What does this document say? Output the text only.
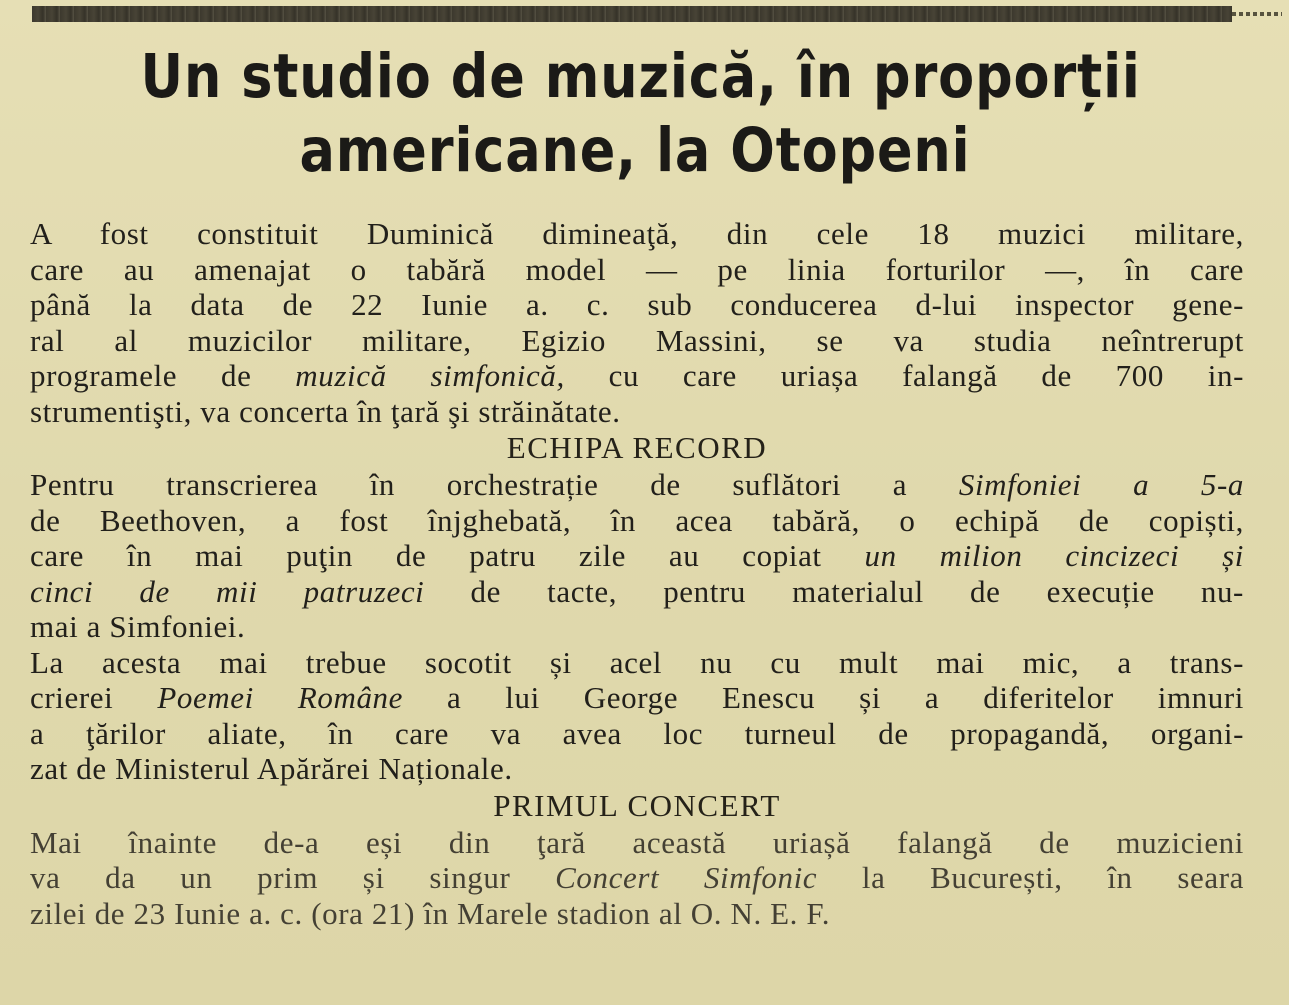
Un studio de muzică, în proporții
americane, la Otopeni
A fost constituit Duminică dimineaţă, din cele 18 muzici militare,
care au amenajat o tabără model — pe linia forturilor —, în care
până la data de 22 Iunie a. c. sub conducerea d-lui inspector gene-
ral al muzicilor militare, Egizio Massini, se va studia neîntrerupt
programele de muzică simfonică, cu care uriașa falangă de 700 in-
strumentişti, va concerta în ţară şi străinătate.
ECHIPA RECORD
Pentru transcrierea în orchestrație de suflători a Simfoniei a 5-a
de Beethoven, a fost înjghebată, în acea tabără, o echipă de copiști,
care în mai puţin de patru zile au copiat un milion cincizeci și
cinci de mii patruzeci de tacte, pentru materialul de execuție nu-
mai a Simfoniei.
La acesta mai trebue socotit și acel nu cu mult mai mic, a trans-
crierei Poemei Române a lui George Enescu și a diferitelor imnuri
a ţărilor aliate, în care va avea loc turneul de propagandă, organi-
zat de Ministerul Apărărei Naționale.
PRIMUL CONCERT
Mai înainte de-a eși din ţară această uriașă falangă de muzicieni
va da un prim și singur Concert Simfonic la București, în seara
zilei de 23 Iunie a. c. (ora 21) în Marele stadion al O. N. E. F.
